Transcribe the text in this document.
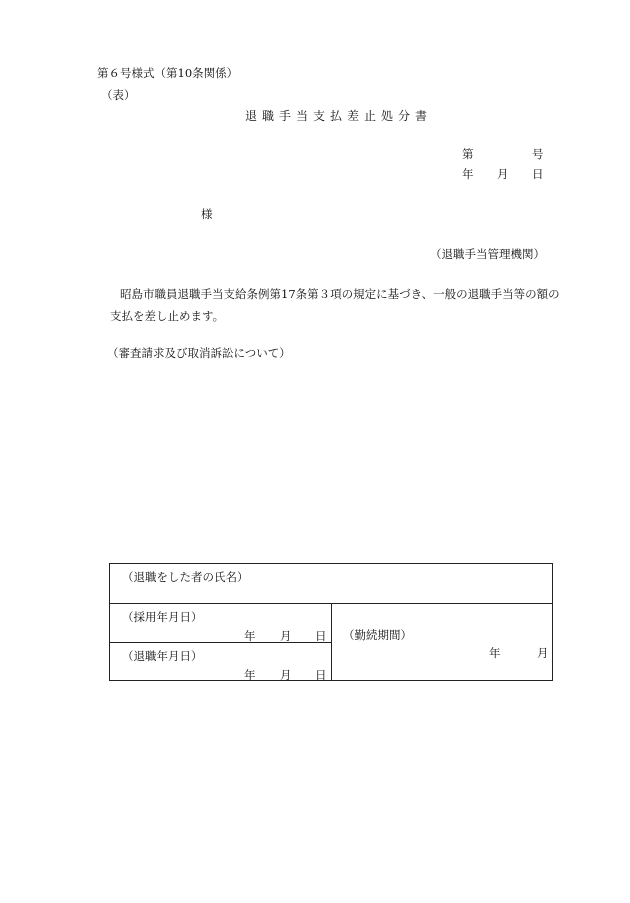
第６号様式（第10条関係）
（表）
退職手当支払差止処分書
第	号
年 月 日
様
（退職手当管理機関）
昭島市職員退職手当支給条例第17条第３項の規定に基づき、一般の退職手当等の額の
支払を差し止めます。
（審査請求及び取消訴訟について）
（退職をした者の氏名）
（採用年月日）
年 月 日
（退職年月日）
年 月 日
（勤続期間）
年	月
